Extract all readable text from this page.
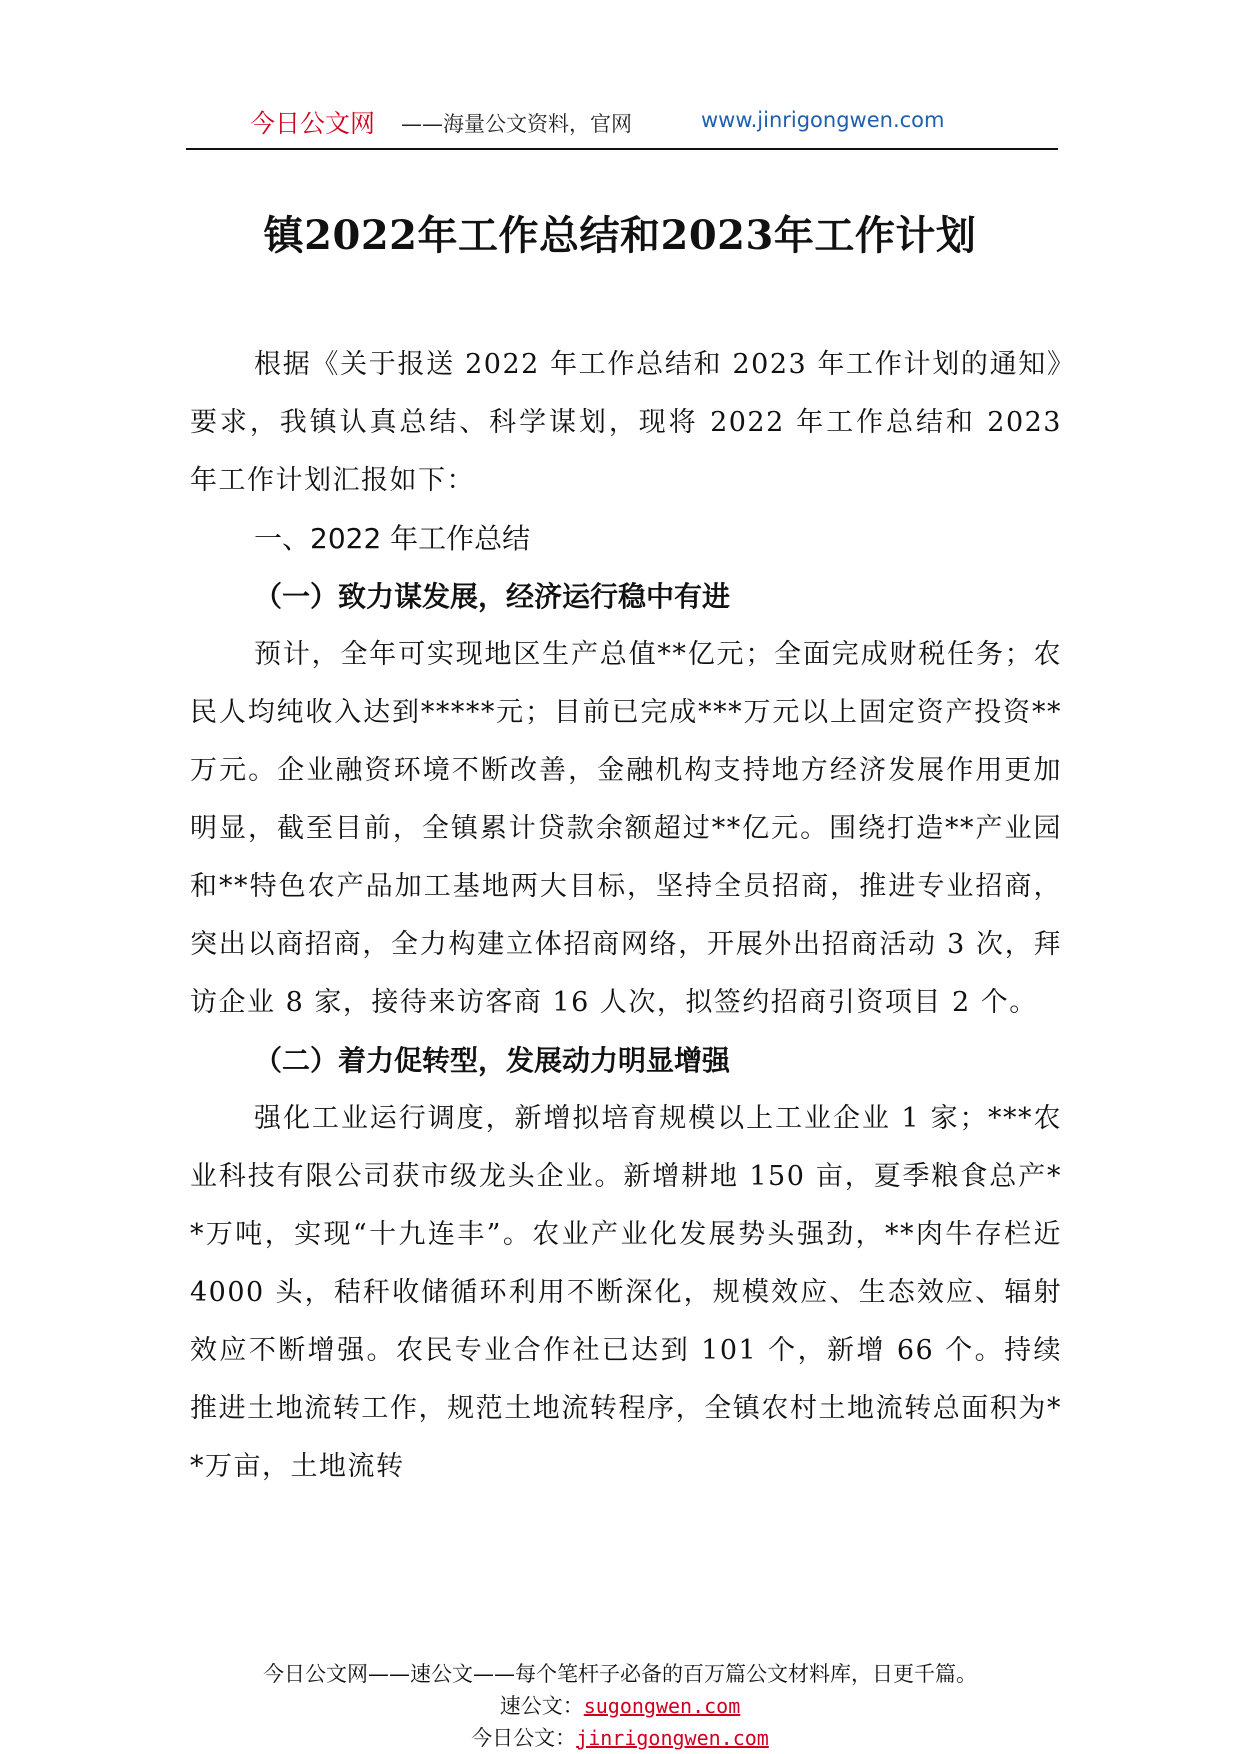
今日公文网 ——海量公文资料，官网	www.jinrigongwen.com
镇2022年工作总结和2023年工作计划

根据《关于报送 2022 年工作总结和 2023 年工作计划的通知》要求，我镇认真总结、科学谋划，现将 2022 年工作总结和 2023 年工作计划汇报如下：

一、2022 年工作总结

（一）致力谋发展，经济运行稳中有进

预计，全年可实现地区生产总值**亿元；全面完成财税任务；农民人均纯收入达到*****元；目前已完成***万元以上固定资产投资**万元。企业融资环境不断改善，金融机构支持地方经济发展作用更加明显，截至目前，全镇累计贷款余额超过**亿元。围绕打造**产业园和**特色农产品加工基地两大目标，坚持全员招商，推进专业招商，突出以商招商，全力构建立体招商网络，开展外出招商活动 3 次，拜访企业 8 家，接待来访客商 16 人次，拟签约招商引资项目 2 个。

（二）着力促转型，发展动力明显增强

强化工业运行调度，新增拟培育规模以上工业企业 1 家；***农业科技有限公司获市级龙头企业。新增耕地 150 亩，夏季粮食总产**万吨，实现“十九连丰”。农业产业化发展势头强劲，**肉牛存栏近 4000 头，秸秆收储循环利用不断深化，规模效应、生态效应、辐射效应不断增强。农民专业合作社已达到 101 个，新增 66 个。持续推进土地流转工作，规范土地流转程序，全镇农村土地流转总面积为**万亩，土地流转

今日公文网——速公文——每个笔杆子必备的百万篇公文材料库，日更千篇。
速公文：sugongwen.com
今日公文：jinrigongwen.com
